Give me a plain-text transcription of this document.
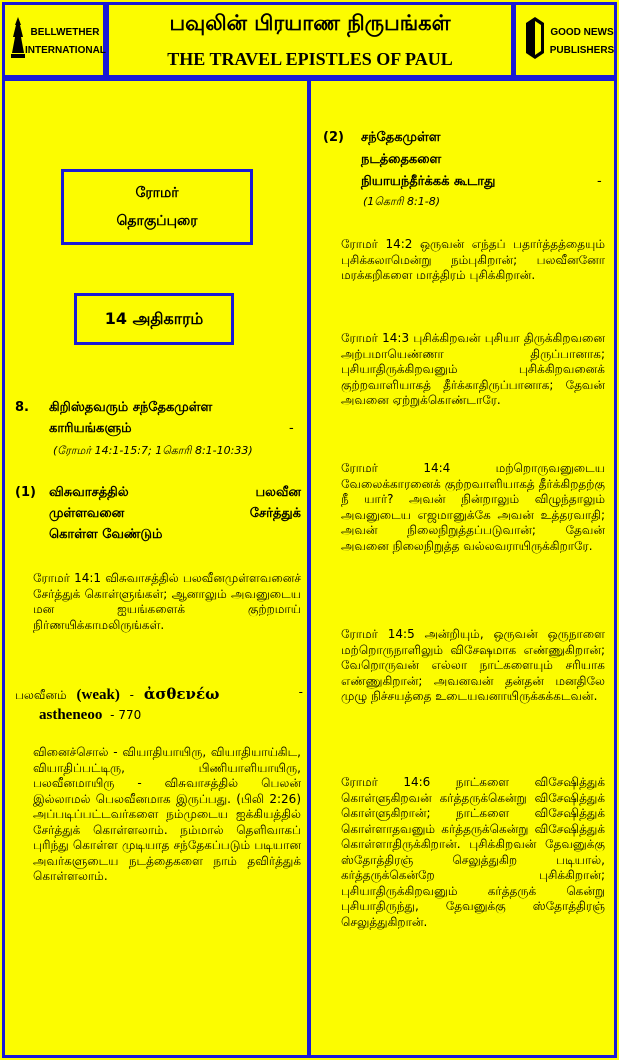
BELLWETHER
INTERNATIONAL
பவுலின் பிரயாண நிருபங்கள்
THE TRAVEL EPISTLES OF PAUL
GOOD NEWS
PUBLISHERS
ரோமர்
தொகுப்புரை
14 அதிகாரம்
8. கிறிஸ்தவரும் சந்தேகமுள்ள
காரியங்களும்	-
(ரோமர் 14:1-15:7; 1கொரி 8:1-10:33)
(1) விசுவாசத்தில் பலவீன
முள்ளவனை சேர்த்துக்
கொள்ள வேண்டும்
ரோமர் 14:1 விசுவாசத்தில் பலவீனமுள்ளவனைச் சேர்த்துக் கொள்ளுங்கள்; ஆனாலும் அவனுடைய மன ஐயங்களைக் குற்றமாய் நிர்ணயிக்காமலிருங்கள்.
பலவீனம் (weak) - ἀσθενέω	-
astheneoo - 770
வினைச்சொல் - வியாதியாயிரு, வியாதியாய்கிட, வியாதிப்பட்டிரு, பிணியாளியாயிரு, பலவீனமாயிரு - விசுவாசத்தில் பெலன் இல்லாமல் பெலவீனமாக இருப்பது. (பிலி 2:26) அப்படிப்பட்டவர்களை நம்முடைய ஐக்கியத்தில் சேர்த்துக் கொள்ளலாம். நம்மால் தெளிவாகப் புரிந்து கொள்ள முடியாத சந்தேகப்படும் படியான அவர்களுடைய நடத்தைகளை நாம் தவிர்த்துக் கொள்ளலாம்.
(2) சந்தேகமுள்ள
நடத்தைகளை
நியாயந்தீர்க்கக் கூடாது	-
(1கொரி 8:1-8)
ரோமர் 14:2 ஒருவன் எந்தப் பதார்த்தத்தையும் புசிக்கலாமென்று நம்புகிறான்; பலவீனனோ மரக்கறிகளை மாத்திரம் புசிக்கிறான்.
ரோமர் 14:3 புசிக்கிறவன் புசியா திருக்கிறவனை அற்பமாயெண்ணா திருப்பானாக; புசியாதிருக்கிறவனும் புசிக்கிறவனைக் குற்றவாளியாகத் தீர்க்காதிருப்பானாக; தேவன் அவனை ஏற்றுக்கொண்டாரே.
ரோமர் 14:4 மற்றொருவனுடைய வேலைக்காரனைக் குற்றவாளியாகத் தீர்க்கிறதற்கு நீ யார்? அவன் நின்றாலும் விழுந்தாலும் அவனுடைய எஜமானுக்கே அவன் உத்தரவாதி; அவன் நிலைநிறுத்தப்படுவான்; தேவன் அவனை நிலைநிறுத்த வல்லவராயிருக்கிறாரே.
ரோமர் 14:5 அன்றியும், ஒருவன் ஒருநாளை மற்றொருநாளிலும் விசேஷமாக எண்ணுகிறான்; வேறொருவன் எல்லா நாட்களையும் சரியாக எண்ணுகிறான்; அவனவன் தன்தன் மனதிலே முழு நிச்சயத்தை உடையவனாயிருக்கக்கடவன்.
ரோமர் 14:6 நாட்களை விசேஷித்துக் கொள்ளுகிறவன் கர்த்தருக்கென்று விசேஷித்துக் கொள்ளுகிறான்; நாட்களை விசேஷித்துக் கொள்ளாதவனும் கர்த்தருக்கென்று விசேஷித்துக் கொள்ளாதிருக்கிறான். புசிக்கிறவன் தேவனுக்கு ஸ்தோத்திரஞ் செலுத்துகிற படியால், கர்த்தருக்கென்றே புசிக்கிறான்; புசியாதிருக்கிறவனும் கர்த்தருக் கென்று புசியாதிருந்து, தேவனுக்கு ஸ்தோத்திரஞ் செலுத்துகிறான்.
